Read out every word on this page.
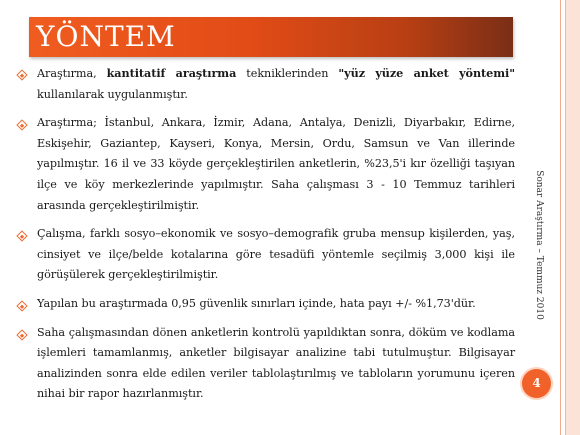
YÖNTEM
Sonar Araştırma – Temmuz 2010
4
Araştırma, kantitatif araştırma tekniklerinden "yüz yüze anket yöntemi" kullanılarak uygulanmıştır.
Araştırma; İstanbul, Ankara, İzmir, Adana, Antalya, Denizli, Diyarbakır, Edirne, Eskişehir, Gaziantep, Kayseri, Konya, Mersin, Ordu, Samsun ve Van illerinde yapılmıştır. 16 il ve 33 köyde gerçekleştirilen anketlerin, %23,5'i kır özelliği taşıyan ilçe ve köy merkezlerinde yapılmıştır. Saha çalışması 3 - 10 Temmuz tarihleri arasında gerçekleştirilmiştir.
Çalışma, farklı sosyo–ekonomik ve sosyo–demografik gruba mensup kişilerden, yaş, cinsiyet ve ilçe/belde kotalarına göre tesadüfi yöntemle seçilmiş 3,000 kişi ile görüşülerek gerçekleştirilmiştir.
Yapılan bu araştırmada 0,95 güvenlik sınırları içinde, hata payı +/- %1,73'dür.
Saha çalışmasından dönen anketlerin kontrolü yapıldıktan sonra, döküm ve kodlama işlemleri tamamlanmış, anketler bilgisayar analizine tabi tutulmuştur. Bilgisayar analizinden sonra elde edilen veriler tablolaştırılmış ve tabloların yorumunu içeren nihai bir rapor hazırlanmıştır.
